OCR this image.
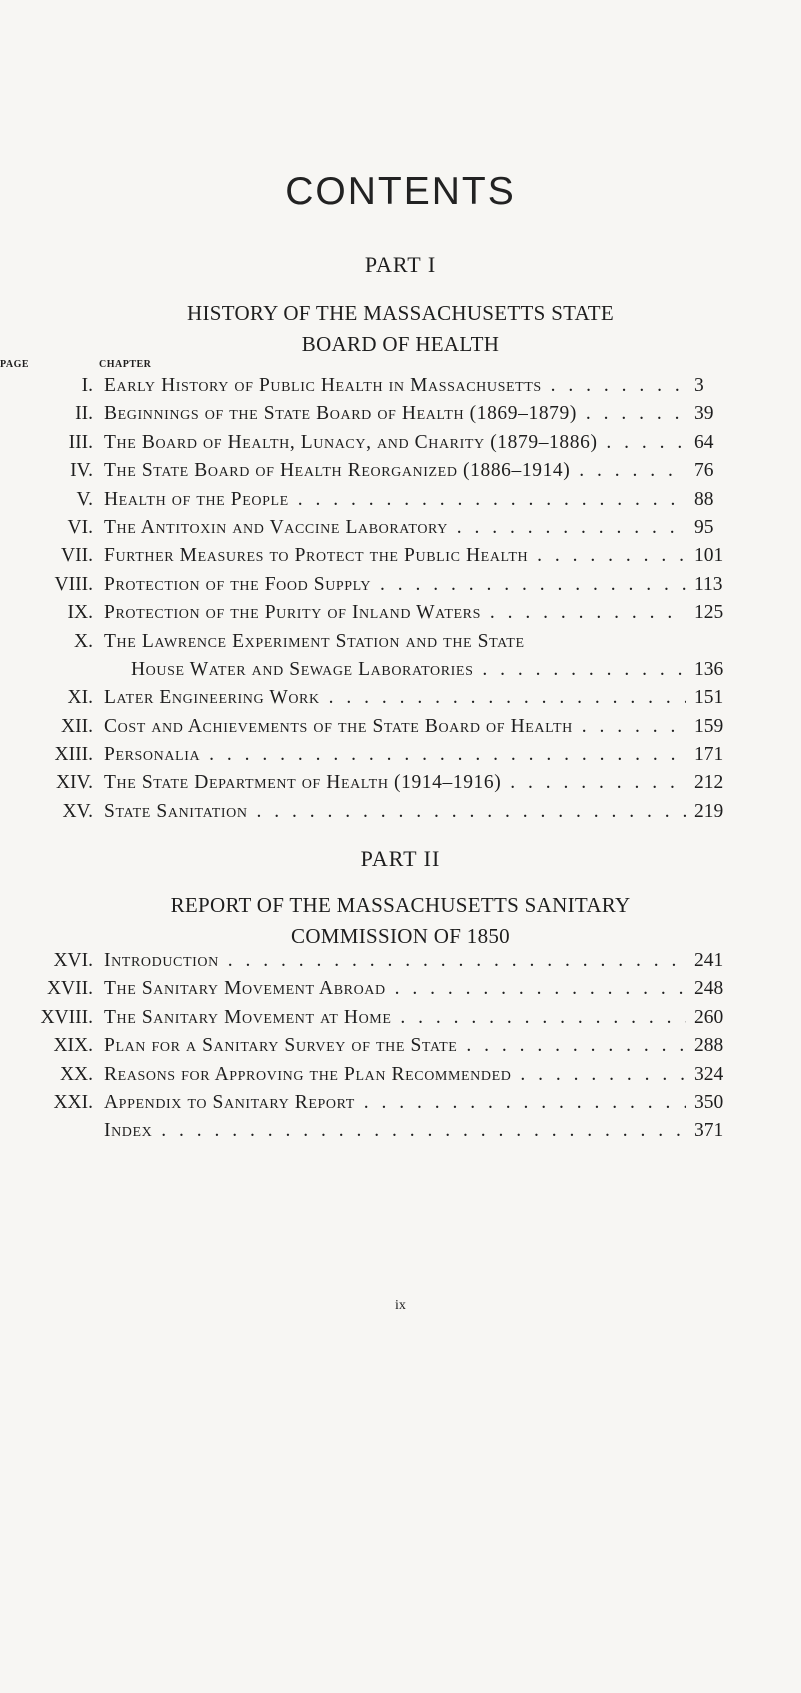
CONTENTS
PART I
HISTORY OF THE MASSACHUSETTS STATE
BOARD OF HEALTH
CHAPTER
PAGE
I. Early History of Public Health in Massachusetts . . .	3
II. Beginnings of the State Board of Health (1869–1879) . . .	39
III. The Board of Health, Lunacy, and Charity (1879–1886) . . .	64
IV. The State Board of Health Reorganized (1886–1914) . . .	76
V. Health of the People . . .	88
VI. The Antitoxin and Vaccine Laboratory . . .	95
VII. Further Measures to Protect the Public Health . . .	101
VIII. Protection of the Food Supply . . .	113
IX. Protection of the Purity of Inland Waters . . .	125
X. The Lawrence Experiment Station and the State
House Water and Sewage Laboratories . . .	136
XI. Later Engineering Work . . .	151
XII. Cost and Achievements of the State Board of Health . . .	159
XIII. Personalia . . .	171
XIV. The State Department of Health (1914–1916) . . .	212
XV. State Sanitation . . .	219
PART II
REPORT OF THE MASSACHUSETTS SANITARY
COMMISSION OF 1850
XVI. Introduction . . .	241
XVII. The Sanitary Movement Abroad . . .	248
XVIII. The Sanitary Movement at Home . . .	260
XIX. Plan for a Sanitary Survey of the State . . .	288
XX. Reasons for Approving the Plan Recommended . . .	324
XXI. Appendix to Sanitary Report . . .	350
Index . . .	371
ix
